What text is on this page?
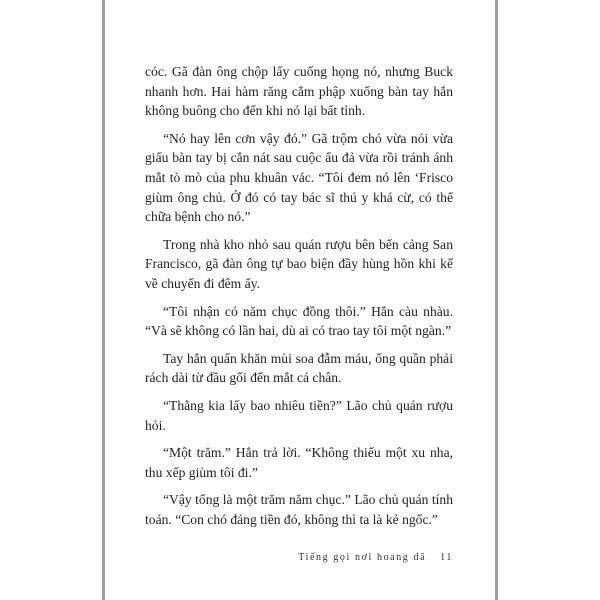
cóc. Gã đàn ông chộp lấy cuống họng nó, nhưng Buck nhanh hơn. Hai hàm răng cắm phập xuống bàn tay hắn không buông cho đến khi nó lại bất tỉnh.

“Nó hay lên cơn vậy đó.” Gã trộm chó vừa nói vừa giấu bàn tay bị cắn nát sau cuộc ẩu đả vừa rồi tránh ánh mắt tò mò của phu khuân vác. “Tôi đem nó lên ‘Frisco giùm ông chủ. Ở đó có tay bác sĩ thú y khá cừ, có thể chữa bệnh cho nó.”

Trong nhà kho nhỏ sau quán rượu bên bến cảng San Francisco, gã đàn ông tự bao biện đầy hùng hồn khi kể về chuyến đi đêm ấy.

“Tôi nhận có năm chục đồng thôi.” Hắn càu nhàu. “Và sẽ không có lần hai, dù ai có trao tay tôi một ngàn.”

Tay hắn quấn khăn mùi soa đẫm máu, ống quần phải rách dài từ đầu gối đến mắt cá chân.

“Thằng kia lấy bao nhiêu tiền?” Lão chủ quán rượu hỏi.

“Một trăm.” Hắn trả lời. “Không thiếu một xu nha, thu xếp giùm tôi đi.”

“Vậy tổng là một trăm năm chục.” Lão chủ quán tính toán. “Con chó đáng tiền đó, không thì ta là kẻ ngốc.”

Tiếng gọi nơi hoang dã 11
